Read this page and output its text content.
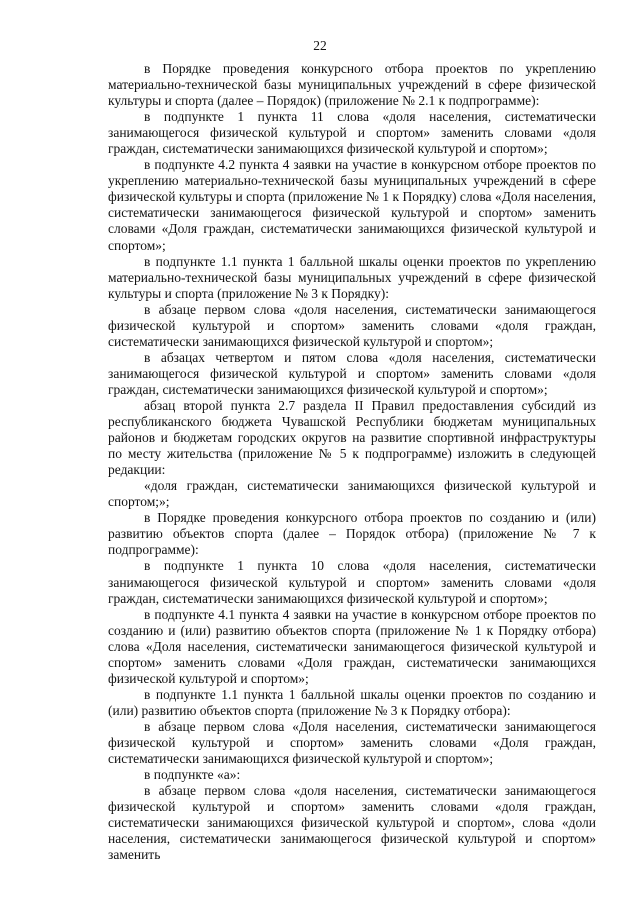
22

в Порядке проведения конкурсного отбора проектов по укреплению материально-технической базы муниципальных учреждений в сфере физической культуры и спорта (далее – Порядок) (приложение № 2.1 к подпрограмме):

в подпункте 1 пункта 11 слова «доля населения, систематически занимающегося физической культурой и спортом» заменить словами «доля граждан, систематически занимающихся физической культурой и спортом»;

в подпункте 4.2 пункта 4 заявки на участие в конкурсном отборе проектов по укреплению материально-технической базы муниципальных учреждений в сфере физической культуры и спорта (приложение № 1 к Порядку) слова «Доля населения, систематически занимающегося физической культурой и спортом» заменить словами «Доля граждан, систематически занимающихся физической культурой и спортом»;

в подпункте 1.1 пункта 1 балльной шкалы оценки проектов по укреплению материально-технической базы муниципальных учреждений в сфере физической культуры и спорта (приложение № 3 к Порядку):

в абзаце первом слова «доля населения, систематически занимающегося физической культурой и спортом» заменить словами «доля граждан, систематически занимающихся физической культурой и спортом»;

в абзацах четвертом и пятом слова «доля населения, систематически занимающегося физической культурой и спортом» заменить словами «доля граждан, систематически занимающихся физической культурой и спортом»;

абзац второй пункта 2.7 раздела II Правил предоставления субсидий из республиканского бюджета Чувашской Республики бюджетам муниципальных районов и бюджетам городских округов на развитие спортивной инфраструктуры по месту жительства (приложение № 5 к подпрограмме) изложить в следующей редакции:

«доля граждан, систематически занимающихся физической культурой и спортом;»;

в Порядке проведения конкурсного отбора проектов по созданию и (или) развитию объектов спорта (далее – Порядок отбора) (приложение № 7 к подпрограмме):

в подпункте 1 пункта 10 слова «доля населения, систематически занимающегося физической культурой и спортом» заменить словами «доля граждан, систематически занимающихся физической культурой и спортом»;

в подпункте 4.1 пункта 4 заявки на участие в конкурсном отборе проектов по созданию и (или) развитию объектов спорта (приложение № 1 к Порядку отбора) слова «Доля населения, систематически занимающегося физической культурой и спортом» заменить словами «Доля граждан, систематически занимающихся физической культурой и спортом»;

в подпункте 1.1 пункта 1 балльной шкалы оценки проектов по созданию и (или) развитию объектов спорта (приложение № 3 к Порядку отбора):

в абзаце первом слова «Доля населения, систематически занимающегося физической культурой и спортом» заменить словами «Доля граждан, систематически занимающихся физической культурой и спортом»;

в подпункте «а»:

в абзаце первом слова «доля населения, систематически занимающегося физической культурой и спортом» заменить словами «доля граждан, систематически занимающихся физической культурой и спортом», слова «доли населения, систематически занимающегося физической культурой и спортом» заменить
